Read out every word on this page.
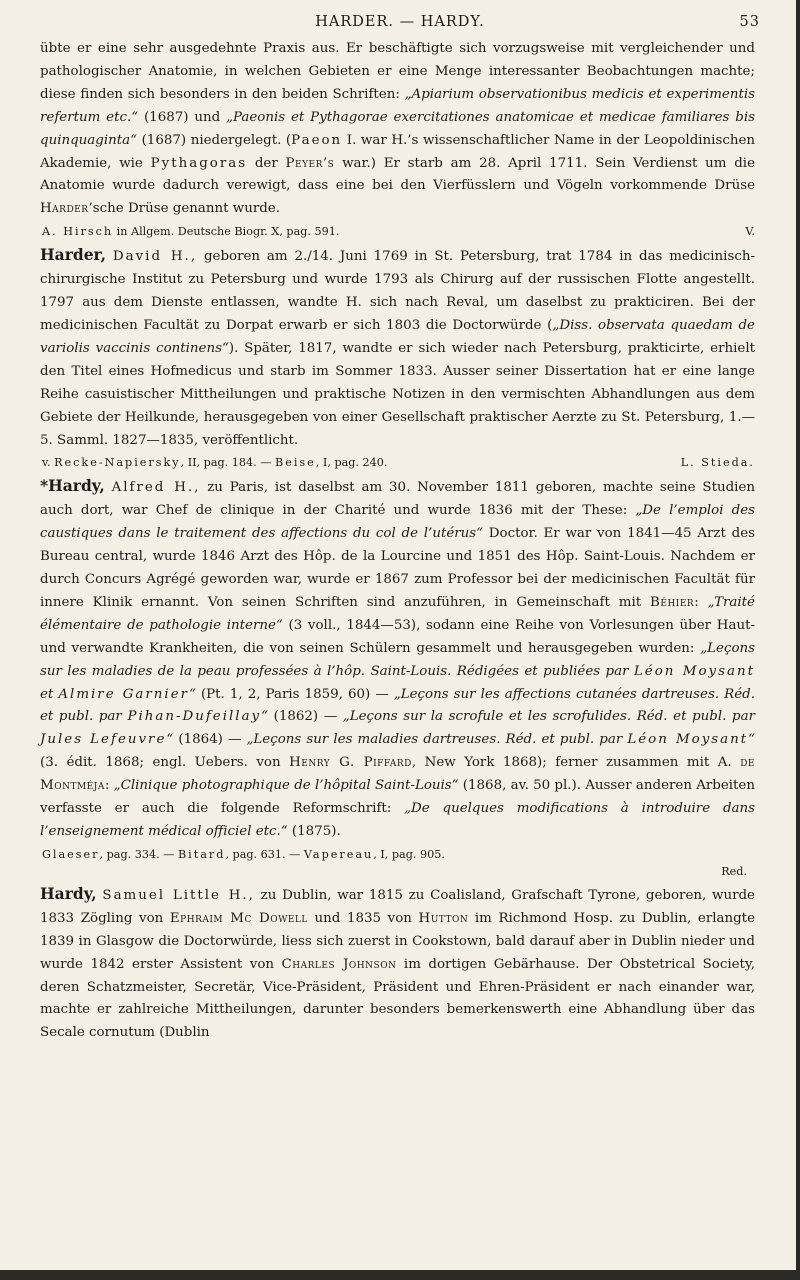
HARDER. — HARDY.	53

übte er eine sehr ausgedehnte Praxis aus. Er beschäftigte sich vorzugsweise mit vergleichender und pathologischer Anatomie, in welchen Gebieten er eine Menge interessanter Beobachtungen machte; diese finden sich besonders in den beiden Schriften: „Apiarium observationibus medicis et experimentis refertum etc.“ (1687) und „Paeonis et Pythagorae exercitationes anatomicae et medicae familiares bis quinquaginta“ (1687) niedergelegt. (Paeon I. war H.’s wissenschaftlicher Name in der Leopoldinischen Akademie, wie Pythagoras der Peyer’s war.) Er starb am 28. April 1711. Sein Verdienst um die Anatomie wurde dadurch verewigt, dass eine bei den Vierfüsslern und Vögeln vorkommende Drüse Harder’sche Drüse genannt wurde.

A. Hirsch in Allgem. Deutsche Biogr. X, pag. 591.	V.

Harder, David H., geboren am 2./14. Juni 1769 in St. Petersburg, trat 1784 in das medicinisch-chirurgische Institut zu Petersburg und wurde 1793 als Chirurg auf der russischen Flotte angestellt. 1797 aus dem Dienste entlassen, wandte H. sich nach Reval, um daselbst zu prakticiren. Bei der medicinischen Facultät zu Dorpat erwarb er sich 1803 die Doctorwürde („Diss. observata quaedam de variolis vaccinis continens“). Später, 1817, wandte er sich wieder nach Petersburg, prakticirte, erhielt den Titel eines Hofmedicus und starb im Sommer 1833. Ausser seiner Dissertation hat er eine lange Reihe casuistischer Mittheilungen und praktische Notizen in den vermischten Abhandlungen aus dem Gebiete der Heilkunde, herausgegeben von einer Gesellschaft praktischer Aerzte zu St. Petersburg, 1.—5. Samml. 1827—1835, veröffentlicht.

v. Recke-Napiersky, II, pag. 184. — Beise, I, pag. 240.	L. Stieda.

*Hardy, Alfred H., zu Paris, ist daselbst am 30. November 1811 geboren, machte seine Studien auch dort, war Chef de clinique in der Charité und wurde 1836 mit der These: „De l’emploi des caustiques dans le traitement des affections du col de l’utérus“ Doctor. Er war von 1841—45 Arzt des Bureau central, wurde 1846 Arzt des Hôp. de la Lourcine und 1851 des Hôp. Saint-Louis. Nachdem er durch Concurs Agrégé geworden war, wurde er 1867 zum Professor bei der medicinischen Facultät für innere Klinik ernannt. Von seinen Schriften sind anzuführen, in Gemeinschaft mit Béhier: „Traité élémentaire de pathologie interne“ (3 voll., 1844—53), sodann eine Reihe von Vorlesungen über Haut- und verwandte Krankheiten, die von seinen Schülern gesammelt und herausgegeben wurden: „Leçons sur les maladies de la peau professées à l’hôp. Saint-Louis. Rédigées et publiées par Léon Moysant et Almire Garnier“ (Pt. 1, 2, Paris 1859, 60) — „Leçons sur les affections cutanées dartreuses. Réd. et publ. par Pihan-Dufeillay“ (1862) — „Leçons sur la scrofule et les scrofulides. Réd. et publ. par Jules Lefeuvre“ (1864) — „Leçons sur les maladies dartreuses. Réd. et publ. par Léon Moysant“ (3. édit. 1868; engl. Uebers. von Henry G. Piffard, New York 1868); ferner zusammen mit A. de Montméja: „Clinique photographique de l’hôpital Saint-Louis“ (1868, av. 50 pl.). Ausser anderen Arbeiten verfasste er auch die folgende Reformschrift: „De quelques modifications à introduire dans l’enseignement médical officiel etc.“ (1875).

Glaeser, pag. 334. — Bitard, pag. 631. — Vapereau, I, pag. 905.
Red.

Hardy, Samuel Little H., zu Dublin, war 1815 zu Coalisland, Grafschaft Tyrone, geboren, wurde 1833 Zögling von Ephraim Mc Dowell und 1835 von Hutton im Richmond Hosp. zu Dublin, erlangte 1839 in Glasgow die Doctorwürde, liess sich zuerst in Cookstown, bald darauf aber in Dublin nieder und wurde 1842 erster Assistent von Charles Johnson im dortigen Gebärhause. Der Obstetrical Society, deren Schatzmeister, Secretär, Vice-Präsident, Präsident und Ehren-Präsident er nach einander war, machte er zahlreiche Mittheilungen, darunter besonders bemerkenswerth eine Abhandlung über das Secale cornutum (Dublin
